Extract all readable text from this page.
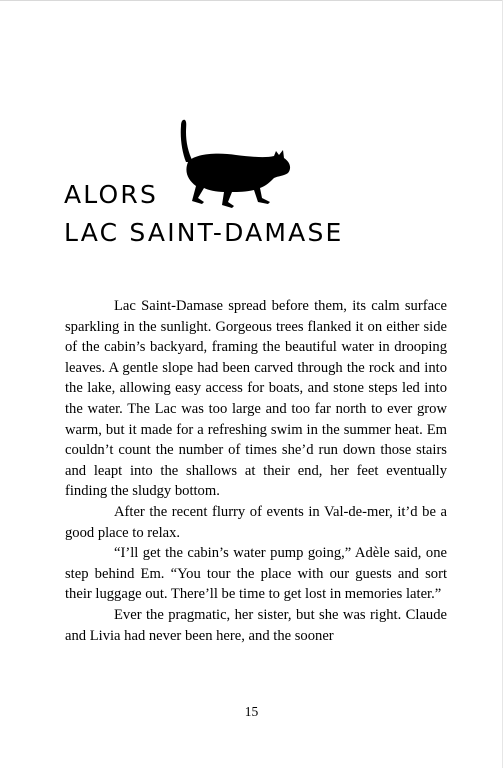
ALORS
LAC SAINT-DAMASE

Lac Saint-Damase spread before them, its calm surface sparkling in the sunlight. Gorgeous trees flanked it on either side of the cabin’s backyard, framing the beautiful water in drooping leaves. A gentle slope had been carved through the rock and into the lake, allowing easy access for boats, and stone steps led into the water. The Lac was too large and too far north to ever grow warm, but it made for a refreshing swim in the summer heat. Em couldn’t count the number of times she’d run down those stairs and leapt into the shallows at their end, her feet eventually finding the sludgy bottom.

After the recent flurry of events in Val-de-mer, it’d be a good place to relax.

“I’ll get the cabin’s water pump going,” Adèle said, one step behind Em. “You tour the place with our guests and sort their luggage out. There’ll be time to get lost in memories later.”

Ever the pragmatic, her sister, but she was right. Claude and Livia had never been here, and the sooner

15
